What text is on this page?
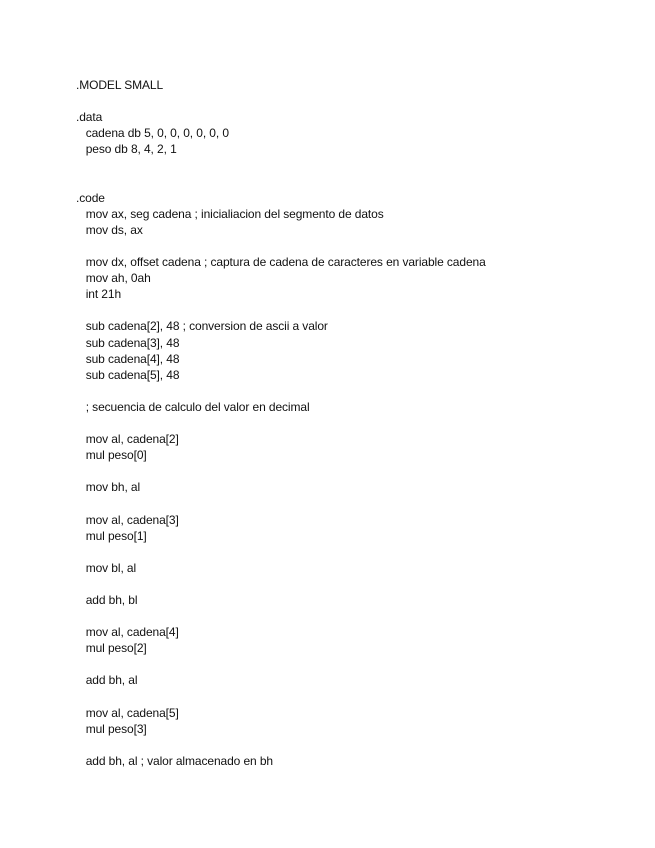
.MODEL SMALL
.data
cadena db 5, 0, 0, 0, 0, 0, 0
peso db 8, 4, 2, 1
.code
mov ax, seg cadena ; inicialiacion del segmento de datos
mov ds, ax
mov dx, offset cadena ; captura de cadena de caracteres en variable cadena
mov ah, 0ah
int 21h
sub cadena[2], 48 ; conversion de ascii a valor
sub cadena[3], 48
sub cadena[4], 48
sub cadena[5], 48
; secuencia de calculo del valor en decimal
mov al, cadena[2]
mul peso[0]
mov bh, al
mov al, cadena[3]
mul peso[1]
mov bl, al
add bh, bl
mov al, cadena[4]
mul peso[2]
add bh, al
mov al, cadena[5]
mul peso[3]
add bh, al ; valor almacenado en bh
